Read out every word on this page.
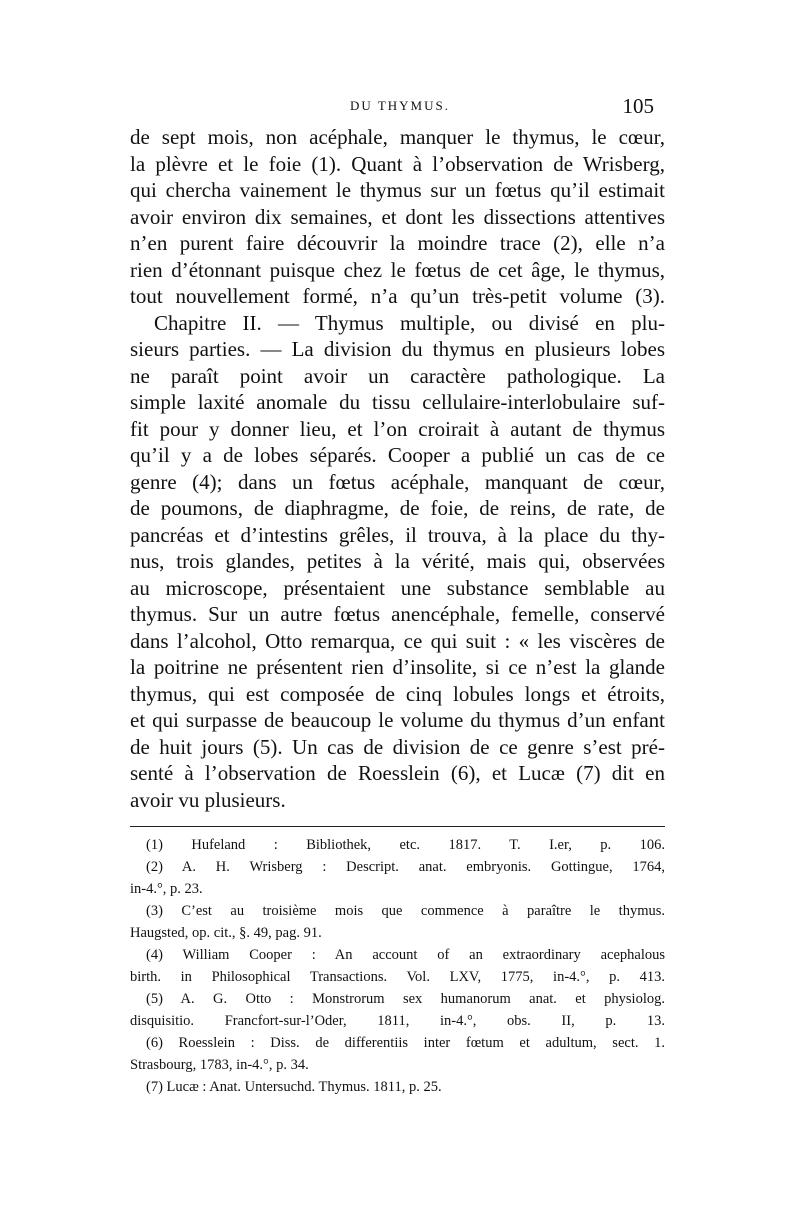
DU THYMUS.	105
de sept mois, non acéphale, manquer le thymus, le cœur,
la plèvre et le foie (1). Quant à l’observation de Wrisberg,
qui chercha vainement le thymus sur un fœtus qu’il estimait
avoir environ dix semaines, et dont les dissections attentives
n’en purent faire découvrir la moindre trace (2), elle n’a
rien d’étonnant puisque chez le fœtus de cet âge, le thymus,
tout nouvellement formé, n’a qu’un très-petit volume (3).
Chapitre II. — Thymus multiple, ou divisé en plu-
sieurs parties. — La division du thymus en plusieurs lobes
ne paraît point avoir un caractère pathologique. La
simple laxité anomale du tissu cellulaire-interlobulaire suf-
fit pour y donner lieu, et l’on croirait à autant de thymus
qu’il y a de lobes séparés. Cooper a publié un cas de ce
genre (4); dans un fœtus acéphale, manquant de cœur,
de poumons, de diaphragme, de foie, de reins, de rate, de
pancréas et d’intestins grêles, il trouva, à la place du thy-
nus, trois glandes, petites à la vérité, mais qui, observées
au microscope, présentaient une substance semblable au
thymus. Sur un autre fœtus anencéphale, femelle, conservé
dans l’alcohol, Otto remarqua, ce qui suit : « les viscères de
la poitrine ne présentent rien d’insolite, si ce n’est la glande
thymus, qui est composée de cinq lobules longs et étroits,
et qui surpasse de beaucoup le volume du thymus d’un enfant
de huit jours (5). Un cas de division de ce genre s’est pré-
senté à l’observation de Roesslein (6), et Lucæ (7) dit en
avoir vu plusieurs.
(1) Hufeland : Bibliothek, etc. 1817. T. I.er, p. 106.
(2) A. H. Wrisberg : Descript. anat. embryonis. Gottingue, 1764,
in-4.°, p. 23.
(3) C’est au troisième mois que commence à paraître le thymus.
Haugsted, op. cit., §. 49, pag. 91.
(4) William Cooper : An account of an extraordinary acephalous
birth. in Philosophical Transactions. Vol. LXV, 1775, in-4.°, p. 413.
(5) A. G. Otto : Monstrorum sex humanorum anat. et physiolog.
disquisitio. Francfort-sur-l’Oder, 1811, in-4.°, obs. II, p. 13.
(6) Roesslein : Diss. de differentiis inter fœtum et adultum, sect. 1.
Strasbourg, 1783, in-4.°, p. 34.
(7) Lucæ : Anat. Untersuchd. Thymus. 1811, p. 25.
